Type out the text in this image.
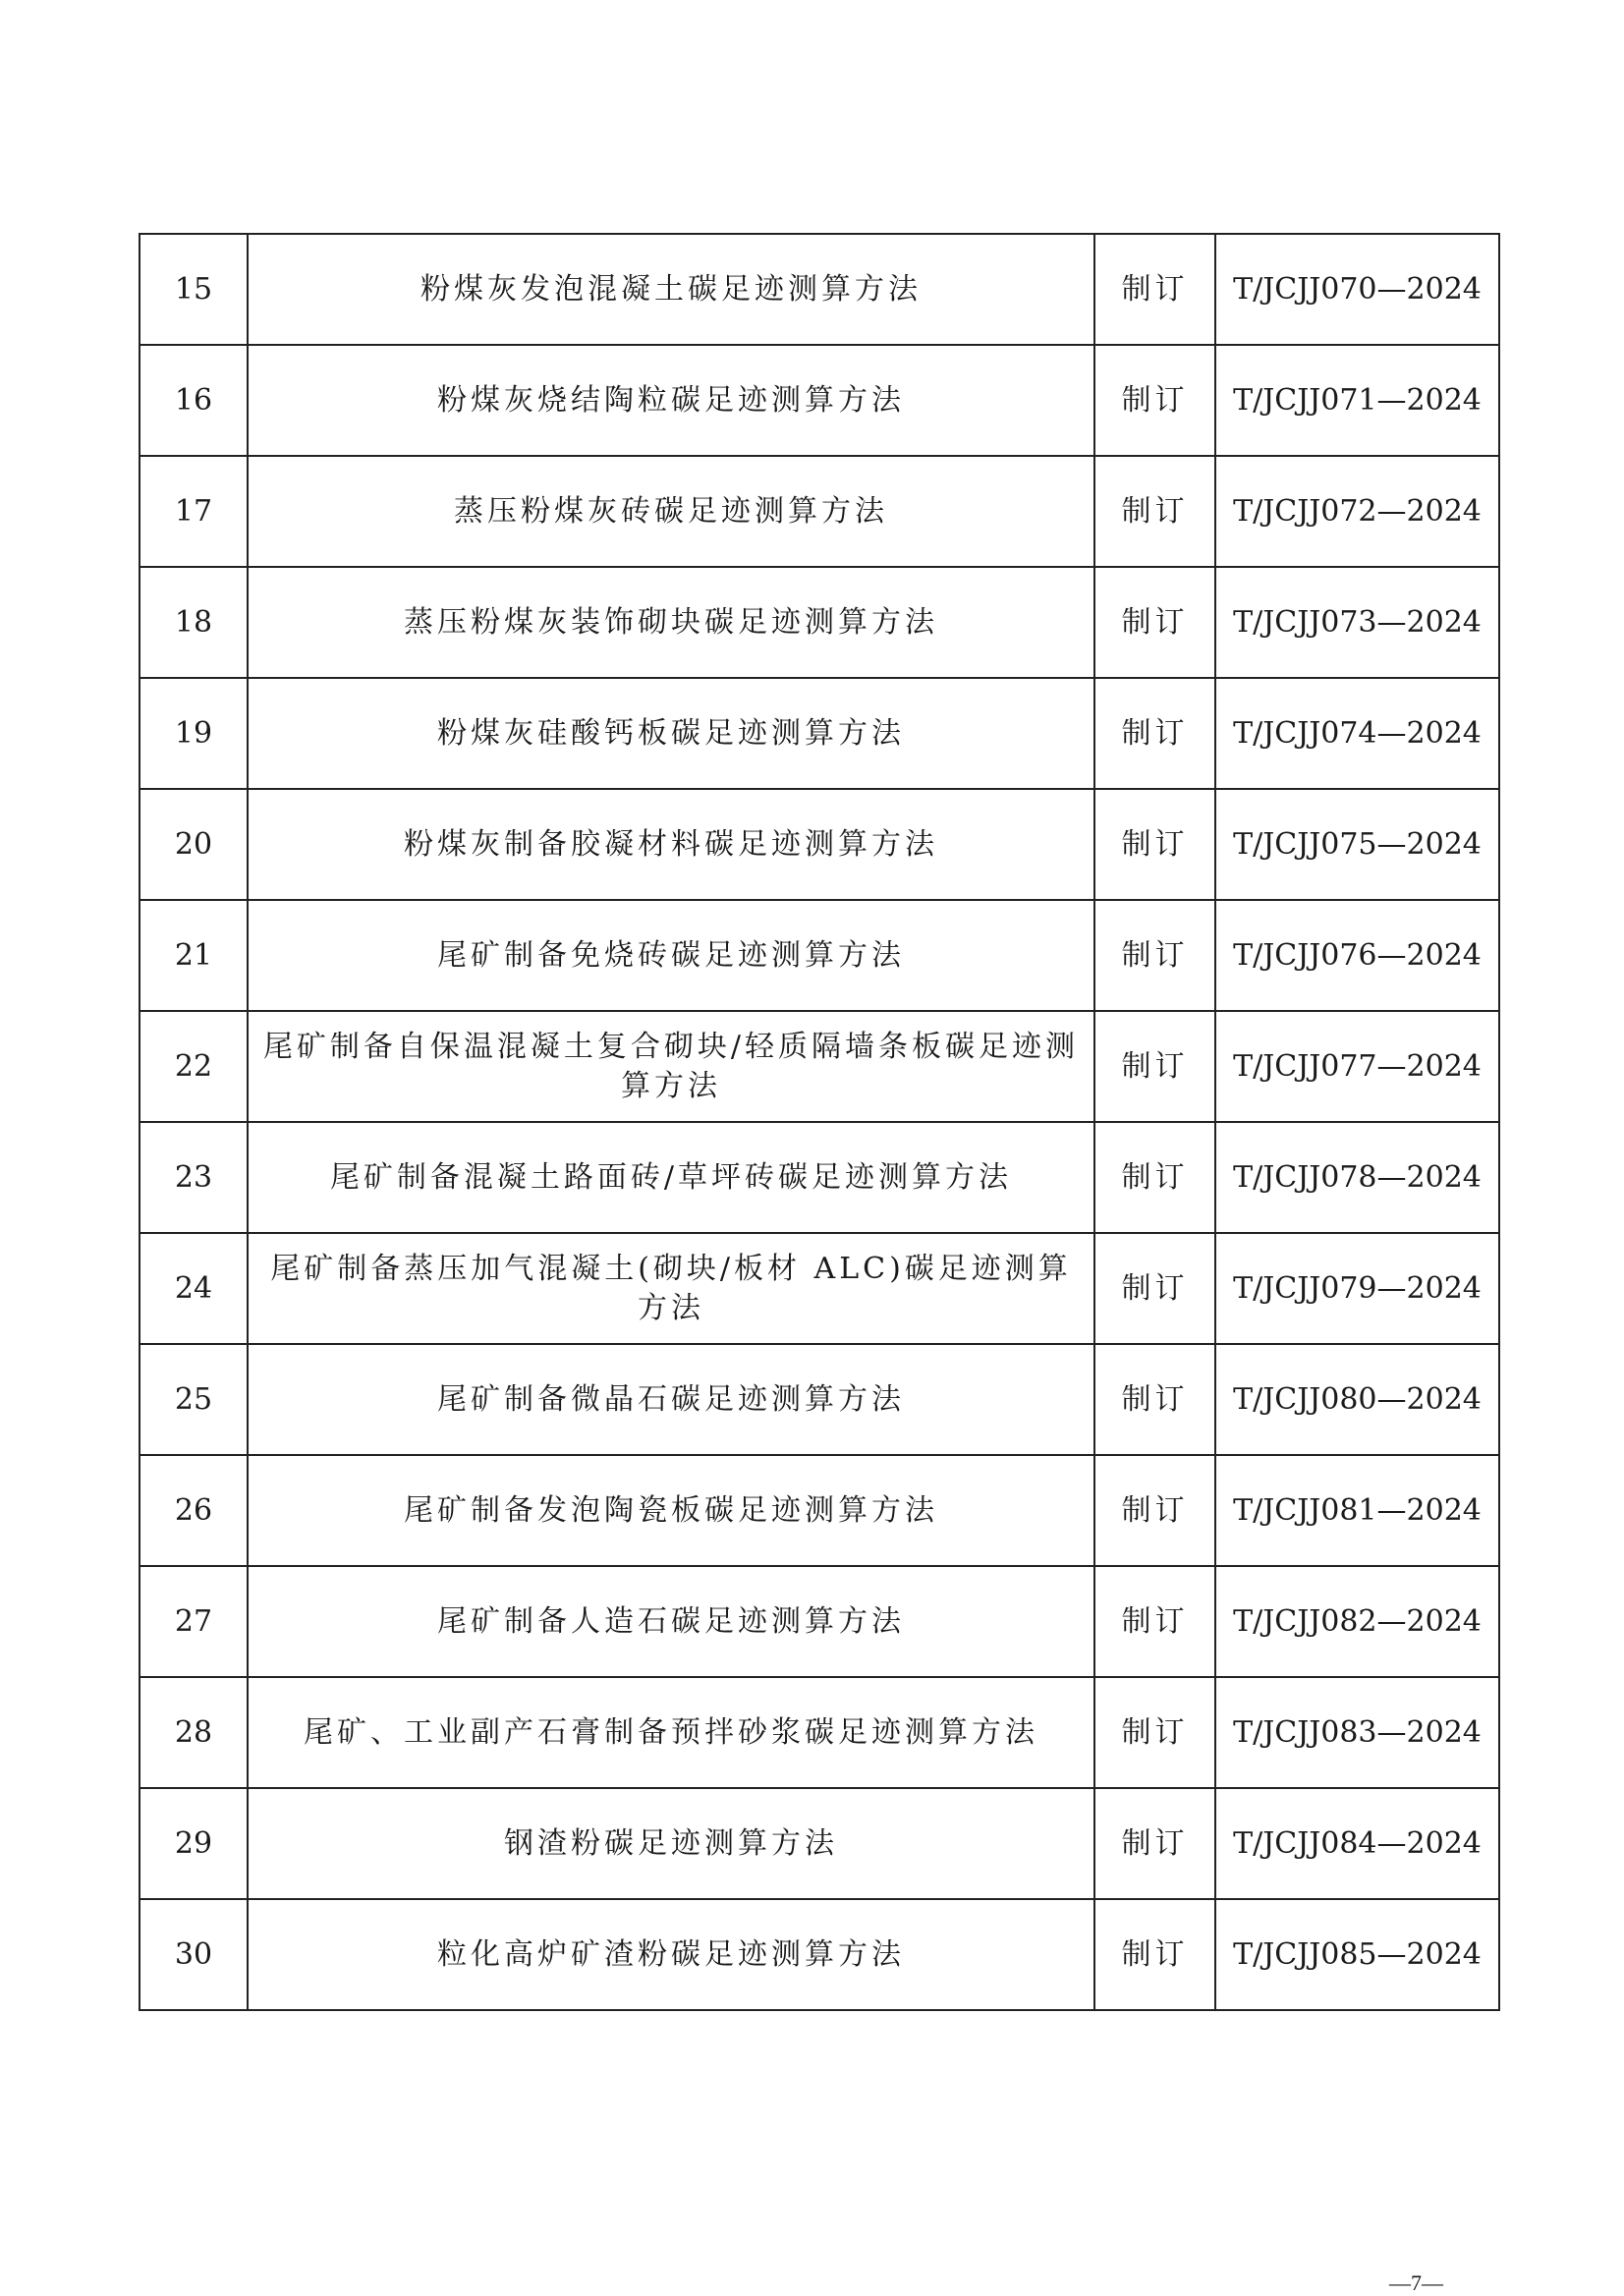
15	粉煤灰发泡混凝土碳足迹测算方法	制订	T/JCJJ070—2024
16	粉煤灰烧结陶粒碳足迹测算方法	制订	T/JCJJ071—2024
17	蒸压粉煤灰砖碳足迹测算方法	制订	T/JCJJ072—2024
18	蒸压粉煤灰装饰砌块碳足迹测算方法	制订	T/JCJJ073—2024
19	粉煤灰硅酸钙板碳足迹测算方法	制订	T/JCJJ074—2024
20	粉煤灰制备胶凝材料碳足迹测算方法	制订	T/JCJJ075—2024
21	尾矿制备免烧砖碳足迹测算方法	制订	T/JCJJ076—2024
22	尾矿制备自保温混凝土复合砌块/轻质隔墙条板碳足迹测算方法	制订	T/JCJJ077—2024
23	尾矿制备混凝土路面砖/草坪砖碳足迹测算方法	制订	T/JCJJ078—2024
24	尾矿制备蒸压加气混凝土(砌块/板材 ALC)碳足迹测算方法	制订	T/JCJJ079—2024
25	尾矿制备微晶石碳足迹测算方法	制订	T/JCJJ080—2024
26	尾矿制备发泡陶瓷板碳足迹测算方法	制订	T/JCJJ081—2024
27	尾矿制备人造石碳足迹测算方法	制订	T/JCJJ082—2024
28	尾矿、工业副产石膏制备预拌砂浆碳足迹测算方法	制订	T/JCJJ083—2024
29	钢渣粉碳足迹测算方法	制订	T/JCJJ084—2024
30	粒化高炉矿渣粉碳足迹测算方法	制订	T/JCJJ085—2024
—7—
